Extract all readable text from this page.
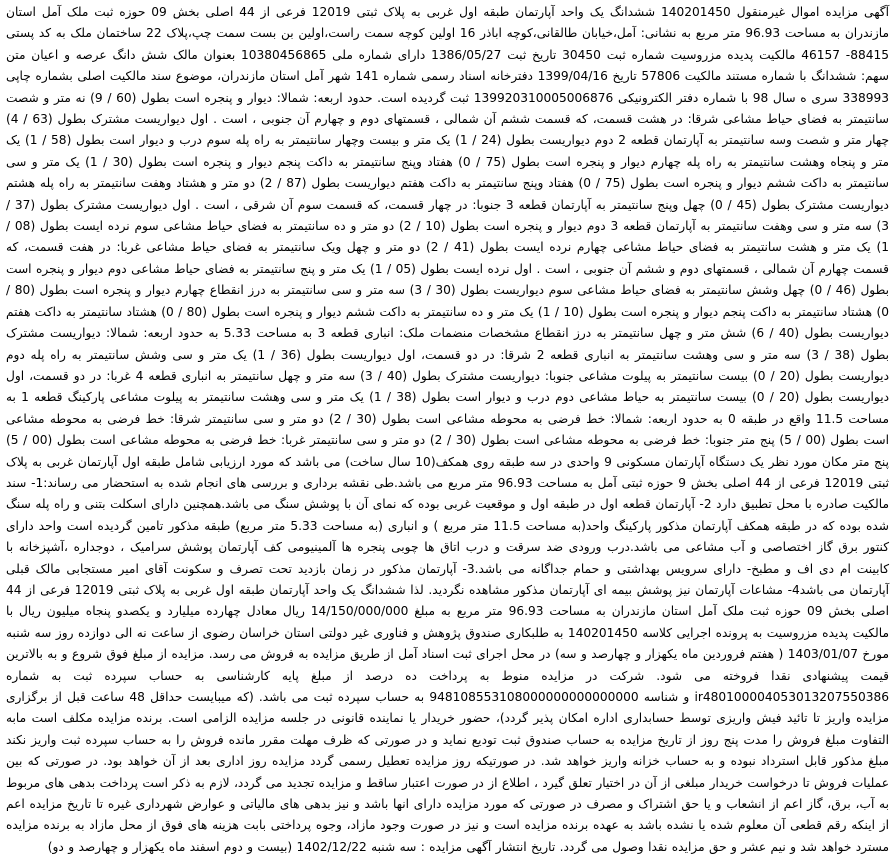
آگهی مزایده اموال غیرمنقول 140201450 ششدانگ یک واحد آپارتمان طبقه اول غربی به پلاک ثبتی 12019 فرعی از 44 اصلی بخش 09 حوزه ثبت ملک آمل استان مازندران به مساحت 96.93 متر مربع به نشانی: آمل،خیابان طالقانی،کوچه اباذر 16 اولین کوچه سمت راست،اولین بن بست سمت چپ،پلاک 22 ساختمان ملک به کد پستی 88415- 46157 مالکیت پدیده مزروسیت شماره ثبت 30450 تاریخ ثبت 1386/05/27 دارای شماره ملی 10380456865 بعنوان مالک شش دانگ عرصه و اعیان متن سهم: ششدانگ با شماره مستند مالکیت 57806 تاریخ 1399/04/16 دفترخانه اسناد رسمی شماره 141 شهر آمل استان مازندران، موضوع سند مالکیت اصلی بشماره چاپی 338993 سری ه سال 98 با شماره دفتر الکترونیکی 139920310005006876 ثبت گردیده است. حدود اربعه: شمالا: دیوار و پنجره است بطول (60 / 9) نه متر و شصت سانتیمتر به فضای حیاط مشاعی شرقا: در هشت قسمت، که قسمت ششم آن شمالی ، قسمتهای دوم و چهارم آن جنوبی ، است . اول دیواریست مشترک بطول (63 / 4) چهار متر و شصت وسه سانتیمتر به آپارتمان قطعه 2 دوم دیواریست بطول (24 / 1) یک متر و بیست وچهار سانتیمتر به راه پله سوم درب و دیوار است بطول (58 / 1) یک متر و پنجاه وهشت سانتیمتر به راه پله چهارم دیوار و پنجره است بطول (75 / 0) هفتاد وپنج سانتیمتر به داکت پنجم دیوار و پنجره است بطول (30 / 1) یک متر و سی سانتیمتر به داکت ششم دیوار و پنجره است بطول (75 / 0) هفتاد وپنج سانتیمتر به داکت هفتم دیواریست بطول (87 / 2) دو متر و هشتاد وهفت سانتیمتر به راه پله هشتم دیواریست مشترک بطول (45 / 0) چهل وپنج سانتیمتر به آپارتمان قطعه 3 جنوبا: در چهار قسمت، که قسمت سوم آن شرقی ، است . اول دیواریست مشترک بطول (37 / 3) سه متر و سی وهفت سانتیمتر به آپارتمان قطعه 3 دوم دیوار و پنجره است بطول (10 / 2) دو متر و ده سانتیمتر به فضای حیاط مشاعی سوم نرده ایست بطول (08 / 1) یک متر و هشت سانتیمتر به فضای حیاط مشاعی چهارم نرده ایست بطول (41 / 2) دو متر و چهل ویک سانتیمتر به فضای حیاط مشاعی غربا: در هفت قسمت، که قسمت چهارم آن شمالی ، قسمتهای دوم و ششم آن جنوبی ، است . اول نرده ایست بطول (05 / 1) یک متر و پنج سانتیمتر به فضای حیاط مشاعی دوم دیوار و پنجره است بطول (46 / 0) چهل وشش سانتیمتر به فضای حیاط مشاعی سوم دیواریست بطول (30 / 3) سه متر و سی سانتیمتر به درز انقطاع چهارم دیوار و پنجره است بطول (80 / 0) هشتاد سانتیمتر به داکت پنجم دیوار و پنجره است بطول (10 / 1) یک متر و ده سانتیمتر به داکت ششم دیوار و پنجره است بطول (80 / 0) هشتاد سانتیمتر به داکت هفتم دیواریست بطول (40 / 6) شش متر و چهل سانتیمتر به درز انقطاع مشخصات منضمات ملک: انباری قطعه 3 به مساحت 5.33 به حدود اربعه: شمالا: دیواریست مشترک بطول (38 / 3) سه متر و سی وهشت سانتیمتر به انباری قطعه 2 شرقا: در دو قسمت، اول دیواریست بطول (36 / 1) یک متر و سی وشش سانتیمتر به راه پله دوم دیواریست بطول (20 / 0) بیست سانتیمتر به پیلوت مشاعی جنوبا: دیواریست مشترک بطول (40 / 3) سه متر و چهل سانتیمتر به انباری قطعه 4 غربا: در دو قسمت، اول دیواریست بطول (20 / 0) بیست سانتیمتر به حیاط مشاعی دوم درب و دیوار است بطول (38 / 1) یک متر و سی وهشت سانتیمتر به پیلوت مشاعی پارکینگ قطعه 1 به مساحت 11.5 واقع در طبقه 0 به حدود اربعه: شمالا: خط فرضی به محوطه مشاعی است بطول (30 / 2) دو متر و سی سانتیمتر شرقا: خط فرضی به محوطه مشاعی است بطول (00 / 5) پنج متر جنوبا: خط فرضی به محوطه مشاعی است بطول (30 / 2) دو متر و سی سانتیمتر غربا: خط فرضی به محوطه مشاعی است بطول (00 / 5) پنج متر مکان مورد نظر یک دستگاه آپارتمان مسکونی 9 واحدی در سه طبقه روی همکف(10 سال ساخت) می باشد که مورد ارزیابی شامل طبقه اول آپارتمان غربی به پلاک ثبتی 12019 فرعی از 44 اصلی بخش 9 حوزه ثبتی آمل به مساحت 96.93 متر مربع می باشد.طی نقشه برداری و بررسی های انجام شده به استحضار می رساند:1- سند مالکیت صادره با محل تطبیق دارد 2- آپارتمان قطعه اول در طبقه اول و موقعیت غربی بوده که نمای آن با پوشش سنگ می باشد.همچنین دارای اسکلت بتنی و راه پله سنگ شده بوده که در طبقه همکف آپارتمان مذکور پارکینگ واحد(به مساحت 11.5 متر مربع ) و انباری (به مساحت 5.33 متر مربع) طبقه مذکور تامین گردیده است واحد دارای کنتور برق گاز اختصاصی و آب مشاعی می باشد.درب ورودی ضد سرقت و درب اتاق ها چوبی پنجره ها آلمینیومی کف آپارتمان پوشش سرامیک ، دوجداره ،آشپزخانه با کابینت ام دی اف و مطبخ- دارای سرویس بهداشتی و حمام جداگانه می باشد.3- آپارتمان مذکور در زمان بازدید تحت تصرف و سکونت آقای امیر مستجابی مالک قبلی آپارتمان می باشد4- مشاعات آپارتمان نیز پوشش بیمه ای آپارتمان مذکور مشاهده نگردید. لذا ششدانگ یک واحد آپارتمان طبقه اول غربی به پلاک ثبتی 12019 فرعی از 44 اصلی بخش 09 حوزه ثبت ملک آمل استان مازندران به مساحت 96.93 متر مربع به مبلغ 14/150/000/000 ریال معادل چهارده میلیارد و یکصدو پنجاه میلیون ریال با مالکیت پدیده مزروسیت به پرونده اجرایی کلاسه 140201450 به طلبکاری صندوق پژوهش و فناوری غیر دولتی استان خراسان رضوی از ساعت نه الی دوازده روز سه شنبه مورخ 1403/01/07 ( هفتم فروردین ماه یکهزار و چهارصد و سه) در محل اجرای ثبت اسناد آمل از طریق مزایده به فروش می رسد. مزایده از مبلغ فوق شروع و به بالاترین قیمت پیشنهادی نقدا فروخته می شود. شرکت در مزایده منوط به پرداخت ده درصد از مبلغ پایه کارشناسی به حساب سپرده ثبت به شماره ir480100004053013207550386 و شناسه 948108553108000000000000000 به حساب سپرده ثبت می باشد. (که میبایست حداقل 48 ساعت قبل از برگزاری مزایده واریز تا تائید فیش واریزی توسط حسابداری اداره امکان پذیر گردد)، حضور خریدار یا نماینده قانونی در جلسه مزایده الزامی است. برنده مزایده مکلف است مابه التفاوت مبلغ فروش را مدت پنج روز از تاریخ مزایده به حساب صندوق ثبت تودیع نماید و در صورتی که ظرف مهلت مقرر مانده فروش را به حساب سپرده ثبت واریز نکند مبلغ مذکور قابل استرداد نبوده و به حساب خزانه واریز خواهد شد. در صورتیکه روز مزایده تعطیل رسمی گردد مزایده روز اداری بعد از آن خواهد بود. در صورتی که بین عملیات فروش تا درخواست خریدار مبلغی از آن در اختیار تعلق گیرد ، اطلاع از در صورت اعتبار ساقط و مزایده تجدید می گردد، لازم به ذکر است پرداخت بدهی های مربوط به آب، برق، گاز اعم از انشعاب و یا حق اشتراک و مصرف در صورتی که مورد مزایده دارای انها باشد و نیز بدهی های مالیاتی و عوارض شهرداری غیره تا تاریخ مزایده اعم از اینکه رقم قطعی آن معلوم شده یا نشده باشد به عهده برنده مزایده است و نیز در صورت وجود مازاد، وجوه پرداختی بابت هزینه های فوق از محل مازاد به برنده مزایده مسترد خواهد شد و نیم عشر و حق مزایده نقدا وصول می گردد. تاریخ انتشار آگهی مزایده : سه شنبه 1402/12/22 (بیست و دوم اسفند ماه یکهزار و چهارصد و دو)
